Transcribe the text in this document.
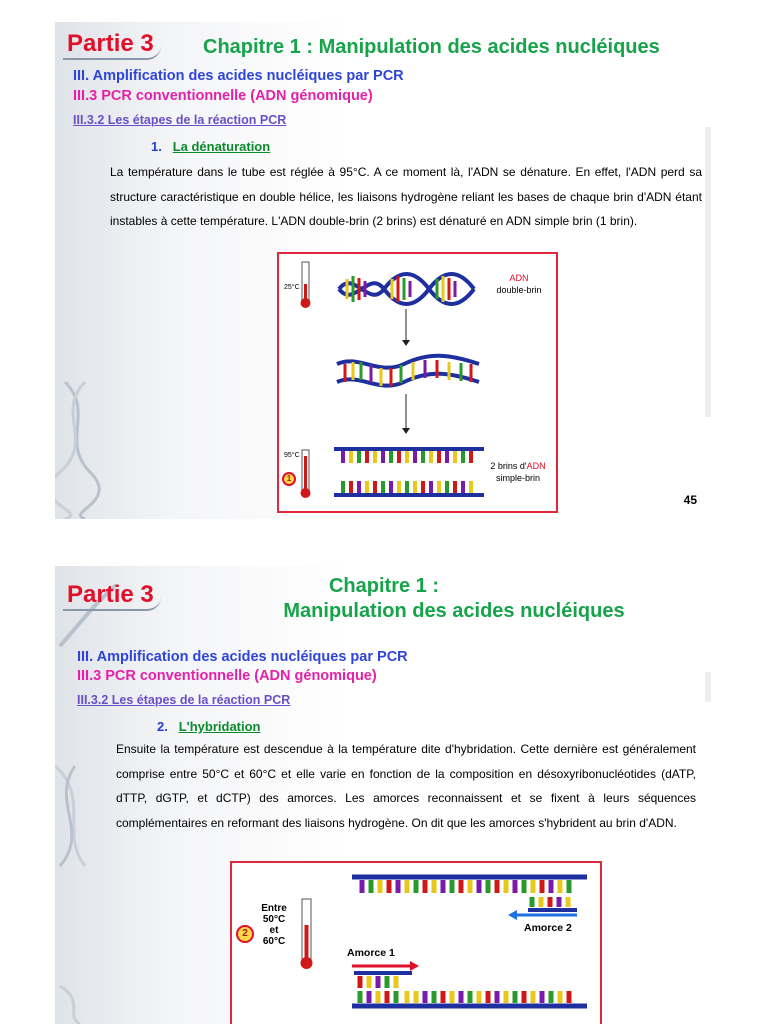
Partie 3 Chapitre 1 : Manipulation des acides nucléiques
III. Amplification des acides nucléiques par PCR
III.3 PCR conventionnelle (ADN génomique)
III.3.2 Les étapes de la réaction PCR
1. La dénaturation
La température dans le tube est réglée à 95°C. A ce moment là, l'ADN se dénature. En effet, l'ADN perd sa structure caractéristique en double hélice, les liaisons hydrogène reliant les bases de chaque brin d'ADN étant instables à cette température. L'ADN double-brin (2 brins) est dénaturé en ADN simple brin (1 brin).
25°C
95°C
1
ADN
double-brin
2 brins d'ADN
simple-brin
45
Partie 3	Chapitre 1 :
Manipulation des acides nucléiques
III. Amplification des acides nucléiques par PCR
III.3 PCR conventionnelle (ADN génomique)
III.3.2 Les étapes de la réaction PCR
2. L'hybridation
Ensuite la température est descendue à la température dite d'hybridation. Cette dernière est généralement comprise entre 50°C et 60°C et elle varie en fonction de la composition en désoxyribonucléotides (dATP, dTTP, dGTP, et dCTP) des amorces. Les amorces reconnaissent et se fixent à leurs séquences complémentaires en reformant des liaisons hydrogène. On dit que les amorces s'hybrident au brin d'ADN.
Entre
50°C
et
60°C
2	Amorce 2
Amorce 1
